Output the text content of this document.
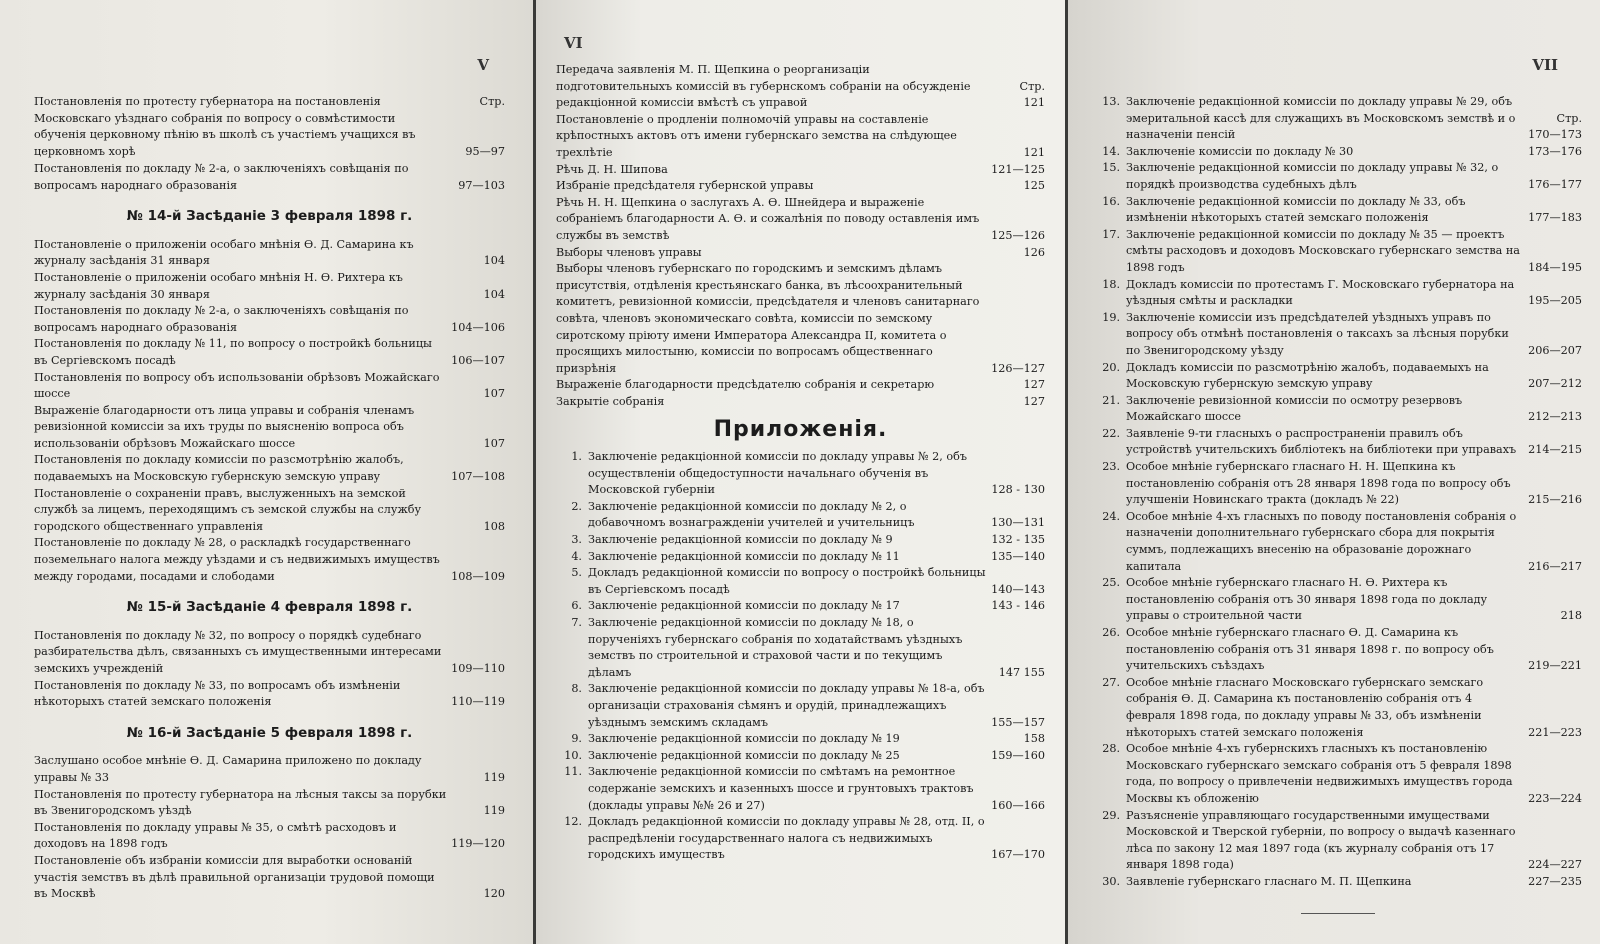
V
Постановленія по протесту губернатора на постановленія Московскаго уѣзднаго собранія по вопросу о совмѣстимости обученія церковному пѣнію въ школѣ съ участіемъ учащихся въ церковномъ хорѣ
Стр.
95—97
Постановленія по докладу № 2-а, о заключеніяхъ совѣщанія по вопросамъ народнаго образованія	97—103
№ 14-й Засѣданіе 3 февраля 1898 г.
Постановленіе о приложеніи особаго мнѣнія Ѳ. Д. Самарина къ журналу засѣданія 31 января	104
Постановленіе о приложеніи особаго мнѣнія Н. Ѳ. Рихтера къ журналу засѣданія 30 января	104
Постановленія по докладу № 2-а, о заключеніяхъ совѣщанія по вопросамъ народнаго образованія	104—106
Постановленія по докладу № 11, по вопросу о постройкѣ больницы въ Сергіевскомъ посадѣ	106—107
Постановленія по вопросу объ использованіи обрѣзовъ Можайскаго шоссе	107
Выраженіе благодарности отъ лица управы и собранія членамъ ревизіонной комиссіи за ихъ труды по выясненію вопроса объ использованіи обрѣзовъ Можайскаго шоссе	107
Постановленія по докладу комиссіи по разсмотрѣнію жалобъ, подаваемыхъ на Московскую губернскую земскую управу	107—108
Постановленіе о сохраненіи правъ, выслуженныхъ на земской службѣ за лицемъ, переходящимъ съ земской службы на службу городского общественнаго управленія	108
Постановленіе по докладу № 28, о раскладкѣ государственнаго поземельнаго налога между уѣздами и съ недвижимыхъ имуществъ между городами, посадами и слободами	108—109
№ 15-й Засѣданіе 4 февраля 1898 г.
Постановленія по докладу № 32, по вопросу о порядкѣ судебнаго разбирательства дѣлъ, связанныхъ съ имущественными интересами земскихъ учрежденій	109—110
Постановленія по докладу № 33, по вопросамъ объ измѣненіи нѣкоторыхъ статей земскаго положенія	110—119
№ 16-й Засѣданіе 5 февраля 1898 г.
Заслушано особое мнѣніе Ѳ. Д. Самарина приложено по докладу управы № 33	119
Постановленія по протесту губернатора на лѣсныя таксы за порубки въ Звенигородскомъ уѣздѣ	119
Постановленія по докладу управы № 35, о смѣтѣ расходовъ и доходовъ на 1898 годъ	119—120
Постановленіе объ избраніи комиссіи для выработки основаній участія земствъ въ дѣлѣ правильной организаціи трудовой помощи въ Москвѣ	120
VI
Передача заявленія М. П. Щепкина о реорганизаціи подготовительныхъ комиссій въ губернскомъ собраніи на обсужденіе редакціонной комиссіи вмѣстѣ съ управой
Стр.
121
Постановленіе о продленіи полномочій управы на составленіе крѣпостныхъ актовъ отъ имени губернскаго земства на слѣдующее трехлѣтіе	121
Рѣчь Д. Н. Шипова	121—125
Избраніе предсѣдателя губернской управы	125
Рѣчь Н. Н. Щепкина о заслугахъ А. Ѳ. Шнейдера и выраженіе собраніемъ благодарности А. Ѳ. и сожалѣнія по поводу оставленія имъ службы въ земствѣ	125—126
Выборы членовъ управы	126
Выборы членовъ губернскаго по городскимъ и земскимъ дѣламъ присутствія, отдѣленія крестьянскаго банка, въ лѣсоохранительный комитетъ, ревизіонной комиссіи, предсѣдателя и членовъ санитарнаго совѣта, членовъ экономическаго совѣта, комиссіи по земскому сиротскому пріюту имени Императора Александра II, комитета о просящихъ милостыню, комиссіи по вопросамъ общественнаго призрѣнія	126—127
Выраженіе благодарности предсѣдателю собранія и секретарю	127
Закрытіе собранія	127
Приложенія.
1. Заключеніе редакціонной комиссіи по докладу управы № 2, объ осуществленіи общедоступности начальнаго обученія въ Московской губерніи	128 - 130
2. Заключеніе редакціонной комиссіи по докладу № 2, о добавочномъ вознагражденіи учителей и учительницъ	130—131
3. Заключеніе редакціонной комиссіи по докладу № 9	132 - 135
4. Заключеніе редакціонной комиссіи по докладу № 11	135—140
5. Докладъ редакціонной комиссіи по вопросу о постройкѣ больницы въ Сергіевскомъ посадѣ	140—143
6. Заключеніе редакціонной комиссіи по докладу № 17	143 - 146
7. Заключеніе редакціонной комиссіи по докладу № 18, о порученіяхъ губернскаго собранія по ходатайствамъ уѣздныхъ земствъ по строительной и страховой части и по текущимъ дѣламъ	147 155
8. Заключеніе редакціонной комиссіи по докладу управы № 18-а, объ организаціи страхованія сѣмянъ и орудій, принадлежащихъ уѣзднымъ земскимъ складамъ	155—157
9. Заключеніе редакціонной комиссіи по докладу № 19	158
10. Заключеніе редакціонной комиссіи по докладу № 25	159—160
11. Заключеніе редакціонной комиссіи по смѣтамъ на ремонтное содержаніе земскихъ и казенныхъ шоссе и грунтовыхъ трактовъ (доклады управы №№ 26 и 27)	160—166
12. Докладъ редакціонной комиссіи по докладу управы № 28, отд. II, о распредѣленіи государственнаго налога съ недвижимыхъ городскихъ имуществъ	167—170
VII
13. Заключеніе редакціонной комиссіи по докладу управы № 29, объ эмеритальной кассѣ для служащихъ въ Московскомъ земствѣ и о назначеніи пенсій
Стр.
170—173
14. Заключеніе комиссіи по докладу № 30	173—176
15. Заключеніе редакціонной комиссіи по докладу управы № 32, о порядкѣ производства судебныхъ дѣлъ	176—177
16. Заключеніе редакціонной комиссіи по докладу № 33, объ измѣненіи нѣкоторыхъ статей земскаго положенія	177—183
17. Заключеніе редакціонной комиссіи по докладу № 35 — проектъ смѣты расходовъ и доходовъ Московскаго губернскаго земства на 1898 годъ	184—195
18. Докладъ комиссіи по протестамъ Г. Московскаго губернатора на уѣздныя смѣты и раскладки	195—205
19. Заключеніе комиссіи изъ предсѣдателей уѣздныхъ управъ по вопросу объ отмѣнѣ постановленія о таксахъ за лѣсныя порубки по Звенигородскому уѣзду	206—207
20. Докладъ комиссіи по разсмотрѣнію жалобъ, подаваемыхъ на Московскую губернскую земскую управу	207—212
21. Заключеніе ревизіонной комиссіи по осмотру резервовъ Можайскаго шоссе	212—213
22. Заявленіе 9-ти гласныхъ о распространеніи правилъ объ устройствѣ учительскихъ библіотекъ на библіотеки при управахъ	214—215
23. Особое мнѣніе губернскаго гласнаго Н. Н. Щепкина къ постановленію собранія отъ 28 января 1898 года по вопросу объ улучшеніи Новинскаго тракта (докладъ № 22)	215—216
24. Особое мнѣніе 4-хъ гласныхъ по поводу постановленія собранія о назначеніи дополнительнаго губернскаго сбора для покрытія суммъ, подлежащихъ внесенію на образованіе дорожнаго капитала	216—217
25. Особое мнѣніе губернскаго гласнаго Н. Ѳ. Рихтера къ постановленію собранія отъ 30 января 1898 года по докладу управы о строительной части	218
26. Особое мнѣніе губернскаго гласнаго Ѳ. Д. Самарина къ постановленію собранія отъ 31 января 1898 г. по вопросу объ учительскихъ съѣздахъ	219—221
27. Особое мнѣніе гласнаго Московскаго губернскаго земскаго собранія Ѳ. Д. Самарина къ постановленію собранія отъ 4 февраля 1898 года, по докладу управы № 33, объ измѣненіи нѣкоторыхъ статей земскаго положенія	221—223
28. Особое мнѣніе 4-хъ губернскихъ гласныхъ къ постановленію Московскаго губернскаго земскаго собранія отъ 5 февраля 1898 года, по вопросу о привлеченіи недвижимыхъ имуществъ города Москвы къ обложенію	223—224
29. Разъясненіе управляющаго государственными имуществами Московской и Тверской губерніи, по вопросу о выдачѣ казеннаго лѣса по закону 12 мая 1897 года (къ журналу собранія отъ 17 января 1898 года)	224—227
30. Заявленіе губернскаго гласнаго М. П. Щепкина	227—235
